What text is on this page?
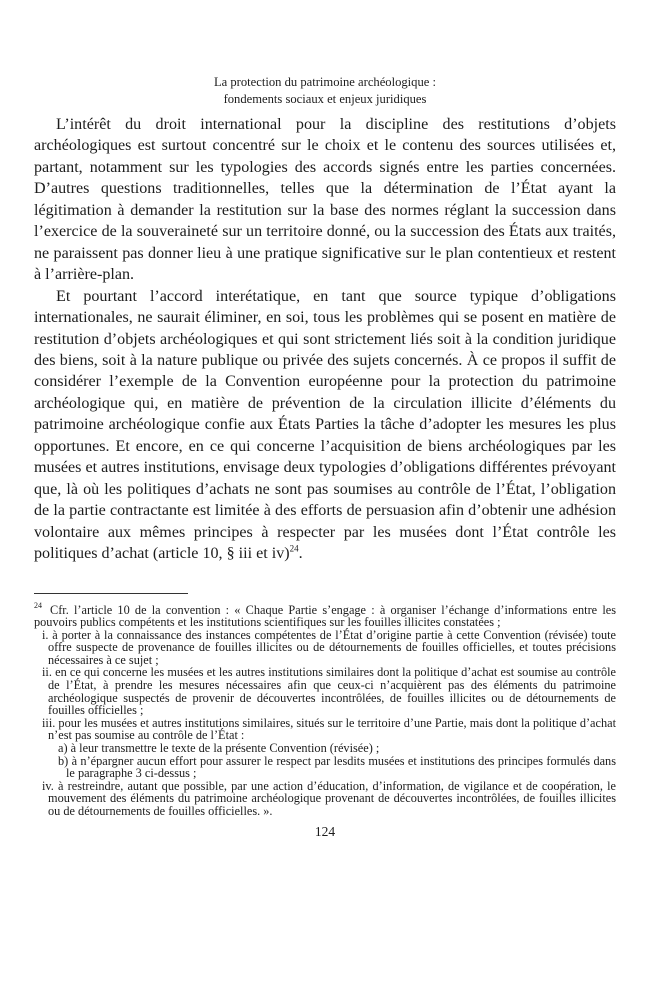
La protection du patrimoine archéologique :
fondements sociaux et enjeux juridiques

L’intérêt du droit international pour la discipline des restitutions d’objets archéologiques est surtout concentré sur le choix et le contenu des sources utilisées et, partant, notamment sur les typologies des accords signés entre les parties concernées. D’autres questions traditionnelles, telles que la détermination de l’État ayant la légitimation à demander la restitution sur la base des normes réglant la succession dans l’exercice de la souveraineté sur un territoire donné, ou la succession des États aux traités, ne paraissent pas donner lieu à une pratique significative sur le plan contentieux et restent à l’arrière-plan.

Et pourtant l’accord interétatique, en tant que source typique d’obligations internationales, ne saurait éliminer, en soi, tous les problèmes qui se posent en matière de restitution d’objets archéologiques et qui sont strictement liés soit à la condition juridique des biens, soit à la nature publique ou privée des sujets concernés. À ce propos il suffit de considérer l’exemple de la Convention européenne pour la protection du patrimoine archéologique qui, en matière de prévention de la circulation illicite d’éléments du patrimoine archéologique confie aux États Parties la tâche d’adopter les mesures les plus opportunes. Et encore, en ce qui concerne l’acquisition de biens archéologiques par les musées et autres institutions, envisage deux typologies d’obligations différentes prévoyant que, là où les politiques d’achats ne sont pas soumises au contrôle de l’État, l’obligation de la partie contractante est limitée à des efforts de persuasion afin d’obtenir une adhésion volontaire aux mêmes principes à respecter par les musées dont l’État contrôle les politiques d’achat (article 10, § iii et iv)$^{24}$.

$^{24}$ Cfr. l’article 10 de la convention : « Chaque Partie s’engage : à organiser l’échange d’informations entre les pouvoirs publics compétents et les institutions scientifiques sur les fouilles illicites constatées ;

i. à porter à la connaissance des instances compétentes de l’État d’origine partie à cette Convention (révisée) toute offre suspecte de provenance de fouilles illicites ou de détournements de fouilles officielles, et toutes précisions nécessaires à ce sujet ;

ii. en ce qui concerne les musées et les autres institutions similaires dont la politique d’achat est soumise au contrôle de l’État, à prendre les mesures nécessaires afin que ceux-ci n’acquièrent pas des éléments du patrimoine archéologique suspectés de provenir de découvertes incontrôlées, de fouilles illicites ou de détournements de fouilles officielles ;

iii. pour les musées et autres institutions similaires, situés sur le territoire d’une Partie, mais dont la politique d’achat n’est pas soumise au contrôle de l’État :

a) à leur transmettre le texte de la présente Convention (révisée) ;

b) à n’épargner aucun effort pour assurer le respect par lesdits musées et institutions des principes formulés dans le paragraphe 3 ci-dessus ;

iv. à restreindre, autant que possible, par une action d’éducation, d’information, de vigilance et de coopération, le mouvement des éléments du patrimoine archéologique provenant de découvertes incontrôlées, de fouilles illicites ou de détournements de fouilles officielles. ».

124
